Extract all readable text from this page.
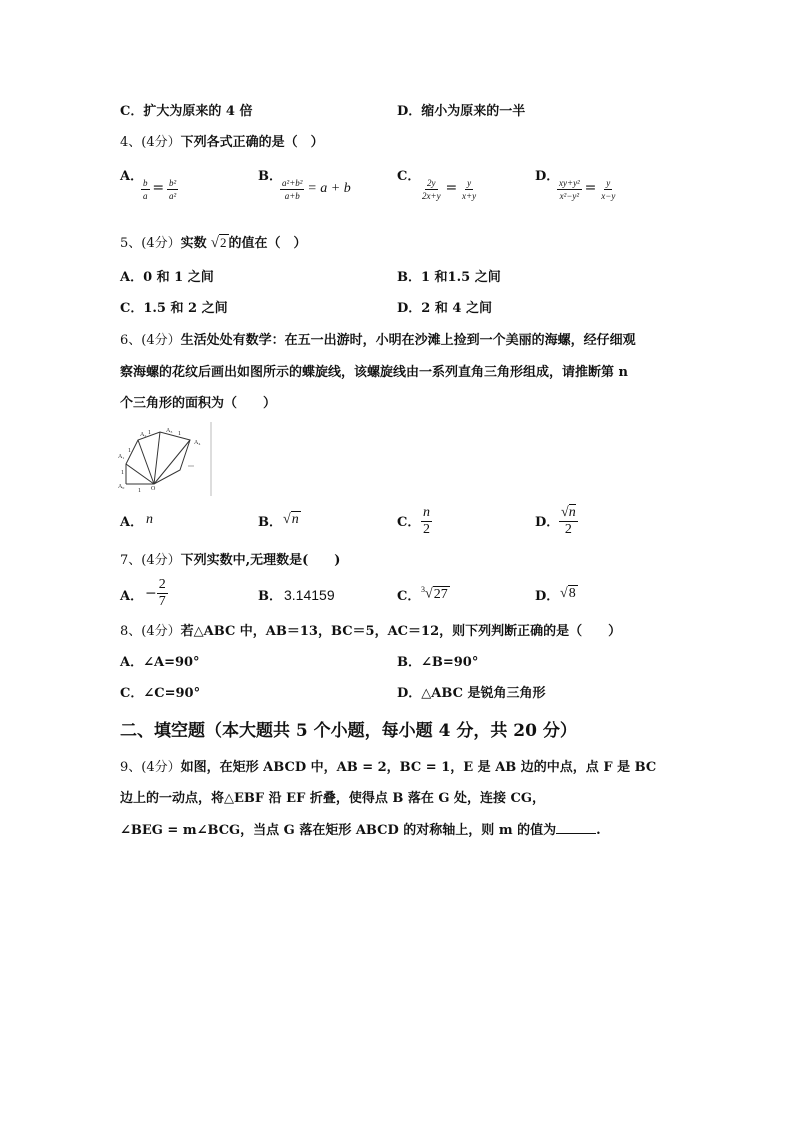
C．扩大为原来的 4 倍	D．缩小为原来的一半
4、(4分）下列各式正确的是（　）
A．
$\frac{b}{a} = \frac{\text{b²}}{\text{a²}}$
B．
$\frac{\text{a²+b²}}{a+b} = a + b$
C．
$\frac{2y}{2x+y} = \frac{y}{x+y}$
D．
$\frac{\text{xy+y²}}{\text{x²−y²}} = \frac{y}{x-y}$
5、(4分）实数 √2 的值在（　）
A．0 和 1 之间	B．1 和1.5 之间
C．1.5 和 2 之间	D．2 和 4 之间
6、(4分）生活处处有数学：在五一出游时，小明在沙滩上捡到一个美丽的海螺，经仔细观
察海螺的花纹后画出如图所示的蝶旋线，该螺旋线由一系列直角三角形组成，请推断第 n
个三角形的面积为（　　）
A₁
A₂
A₃
A₄
A₀	O
1
1
1
1	1
A． n	B． √n	C． $\frac{n}{2}$	D． $\frac{√n}{2}$
7、(4分）下列实数中,无理数是(　　)
A． − $\frac{2}{7}$	B． 3.14159	C． $^3$√27	D． √8
8、(4分）若△ABC 中，AB＝13，BC＝5，AC＝12，则下列判断正确的是（　　）
A．∠A=90°	B．∠B=90°
C．∠C=90°	D．△ABC 是锐角三角形
二、填空题（本大题共 5 个小题，每小题 4 分，共 20 分）
9、(4分）如图，在矩形 ABCD 中，AB = 2，BC = 1，E 是 AB 边的中点，点 F 是 BC
边上的一动点，将△EBF 沿 EF 折叠，使得点 B 落在 G 处，连接 CG，
∠BEG = m∠BCG，当点 G 落在矩形 ABCD 的对称轴上，则 m 的值为	.
